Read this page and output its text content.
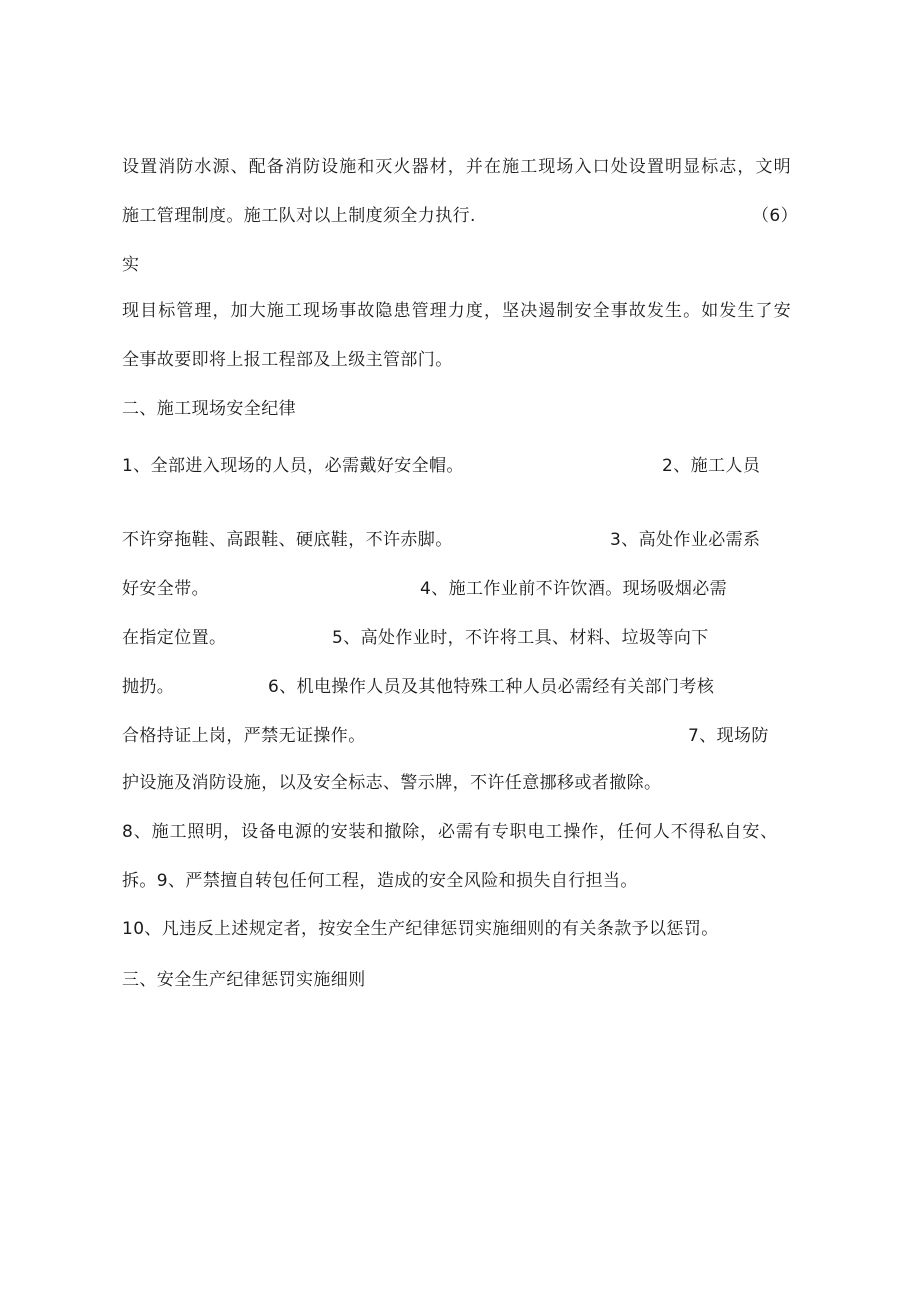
设置消防水源、配备消防设施和灭火器材，并在施工现场入口处设置明显标志，文明
施工管理制度。施工队对以上制度须全力执行.	（6）
实
现目标管理，加大施工现场事故隐患管理力度，坚决遏制安全事故发生。如发生了安
全事故要即将上报工程部及上级主管部门。
二、施工现场安全纪律
1、全部进入现场的人员，必需戴好安全帽。	2、施工人员
不许穿拖鞋、高跟鞋、硬底鞋，不许赤脚。	3、高处作业必需系
好安全带。	4、施工作业前不许饮酒。现场吸烟必需
在指定位置。	5、高处作业时，不许将工具、材料、垃圾等向下
抛扔。	6、机电操作人员及其他特殊工种人员必需经有关部门考核
合格持证上岗，严禁无证操作。	7、现场防
护设施及消防设施，以及安全标志、警示牌，不许任意挪移或者撤除。
8、施工照明，设备电源的安装和撤除，必需有专职电工操作，任何人不得私自安、
拆。9、严禁擅自转包任何工程，造成的安全风险和损失自行担当。
10、凡违反上述规定者，按安全生产纪律惩罚实施细则的有关条款予以惩罚。
三、安全生产纪律惩罚实施细则
